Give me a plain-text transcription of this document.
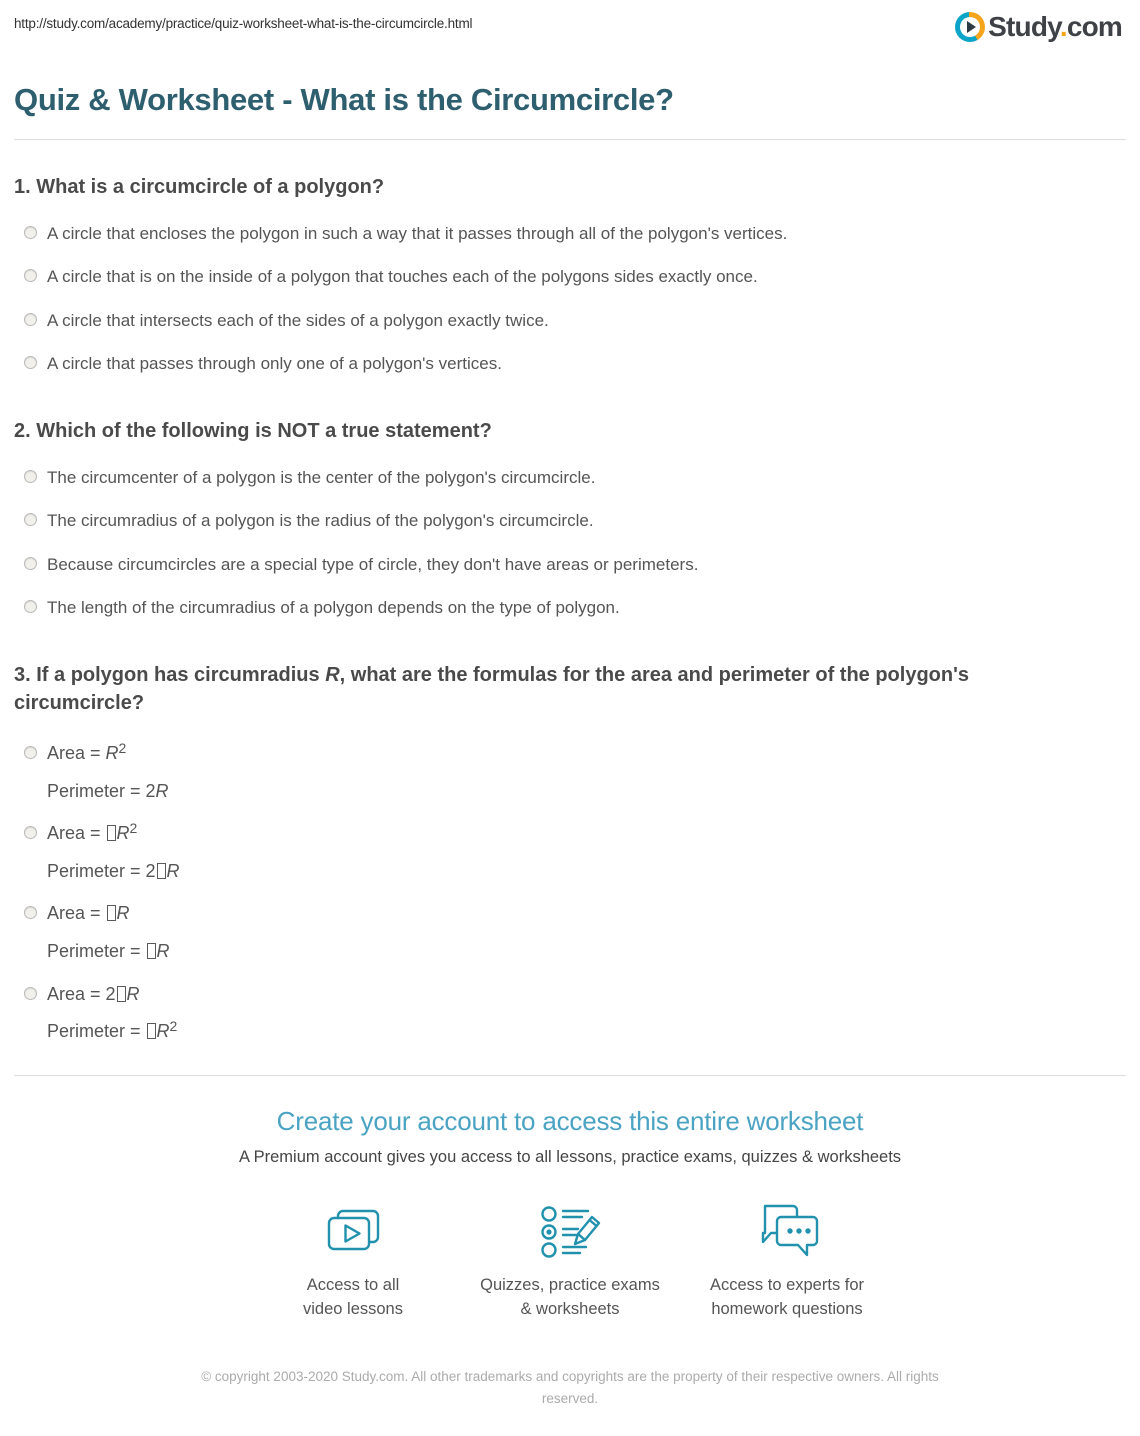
http://study.com/academy/practice/quiz-worksheet-what-is-the-circumcircle.html	Study.com
Quiz & Worksheet - What is the Circumcircle?
1. What is a circumcircle of a polygon?
A circle that encloses the polygon in such a way that it passes through all of the polygon's vertices.
A circle that is on the inside of a polygon that touches each of the polygons sides exactly once.
A circle that intersects each of the sides of a polygon exactly twice.
A circle that passes through only one of a polygon's vertices.
2. Which of the following is NOT a true statement?
The circumcenter of a polygon is the center of the polygon's circumcircle.
The circumradius of a polygon is the radius of the polygon's circumcircle.
Because circumcircles are a special type of circle, they don't have areas or perimeters.
The length of the circumradius of a polygon depends on the type of polygon.
3. If a polygon has circumradius R, what are the formulas for the area and perimeter of the polygon's circumcircle?
Area = $R^2$
Perimeter = 2R
Area = $R^2$
Perimeter = 2 R
Area = R
Perimeter = R
Area = 2 R
Perimeter = $R^2$
Create your account to access this entire worksheet
A Premium account gives you access to all lessons, practice exams, quizzes & worksheets
Access to all
video lessons
Quizzes, practice exams
& worksheets
Access to experts for
homework questions
© copyright 2003-2020 Study.com. All other trademarks and copyrights are the property of their respective owners. All rights reserved.
